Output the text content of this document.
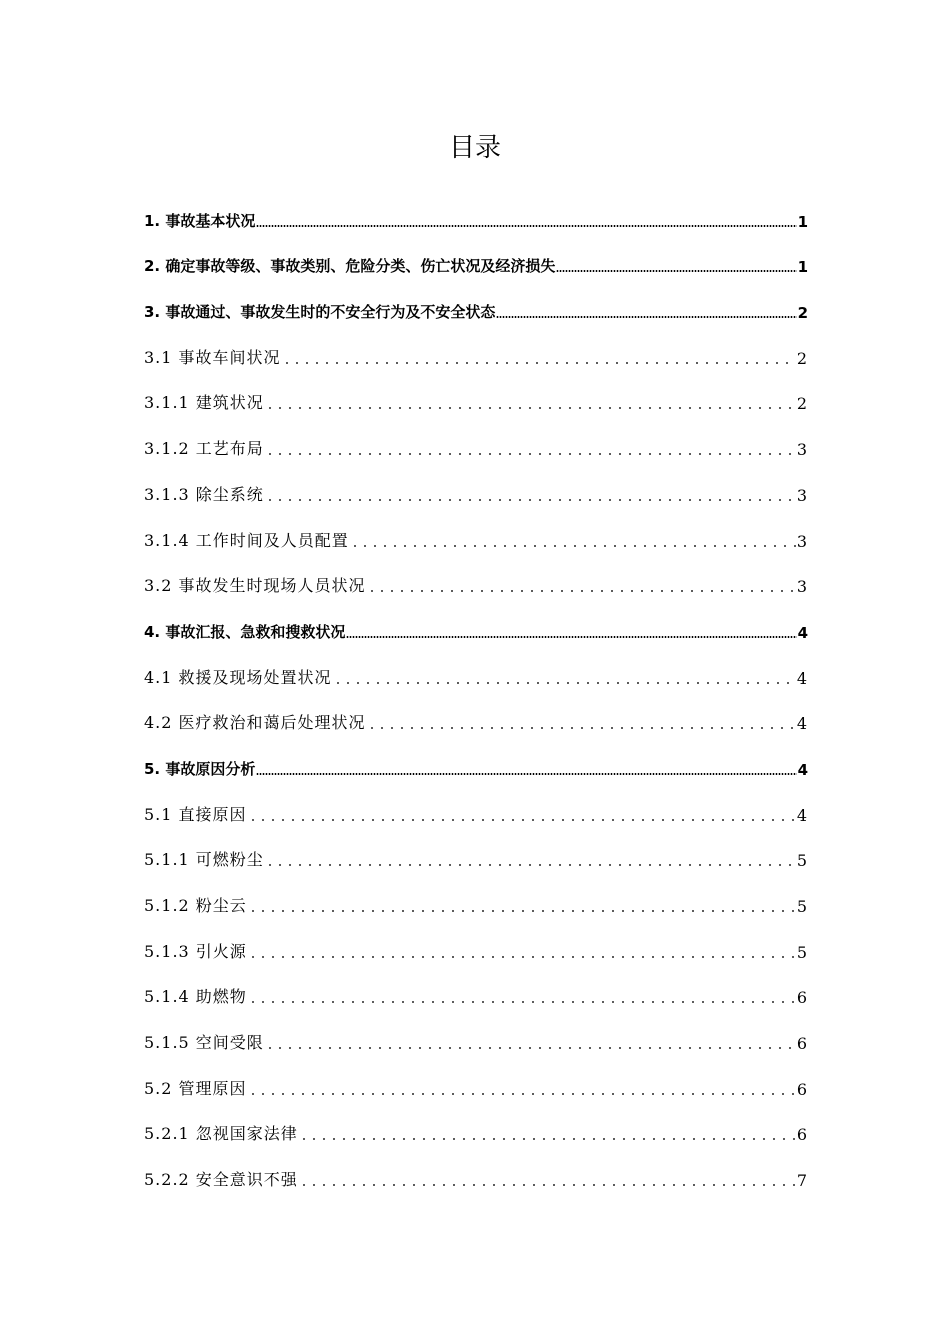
目录
1. 事故基本状况	1
2. 确定事故等级、事故类别、危险分类、伤亡状况及经济损失	1
3. 事故通过、事故发生时的不安全行为及不安全状态	2
3.1 事故车间状况	2
3.1.1 建筑状况	2
3.1.2 工艺布局	3
3.1.3 除尘系统	3
3.1.4 工作时间及人员配置	3
3.2 事故发生时现场人员状况	3
4. 事故汇报、急救和搜救状况	4
4.1 救援及现场处置状况	4
4.2 医疗救治和蔼后处理状况	4
5. 事故原因分析	4
5.1 直接原因	4
5.1.1 可燃粉尘	5
5.1.2 粉尘云	5
5.1.3 引火源	5
5.1.4 助燃物	6
5.1.5 空间受限	6
5.2 管理原因	6
5.2.1 忽视国家法律	6
5.2.2 安全意识不强	7
